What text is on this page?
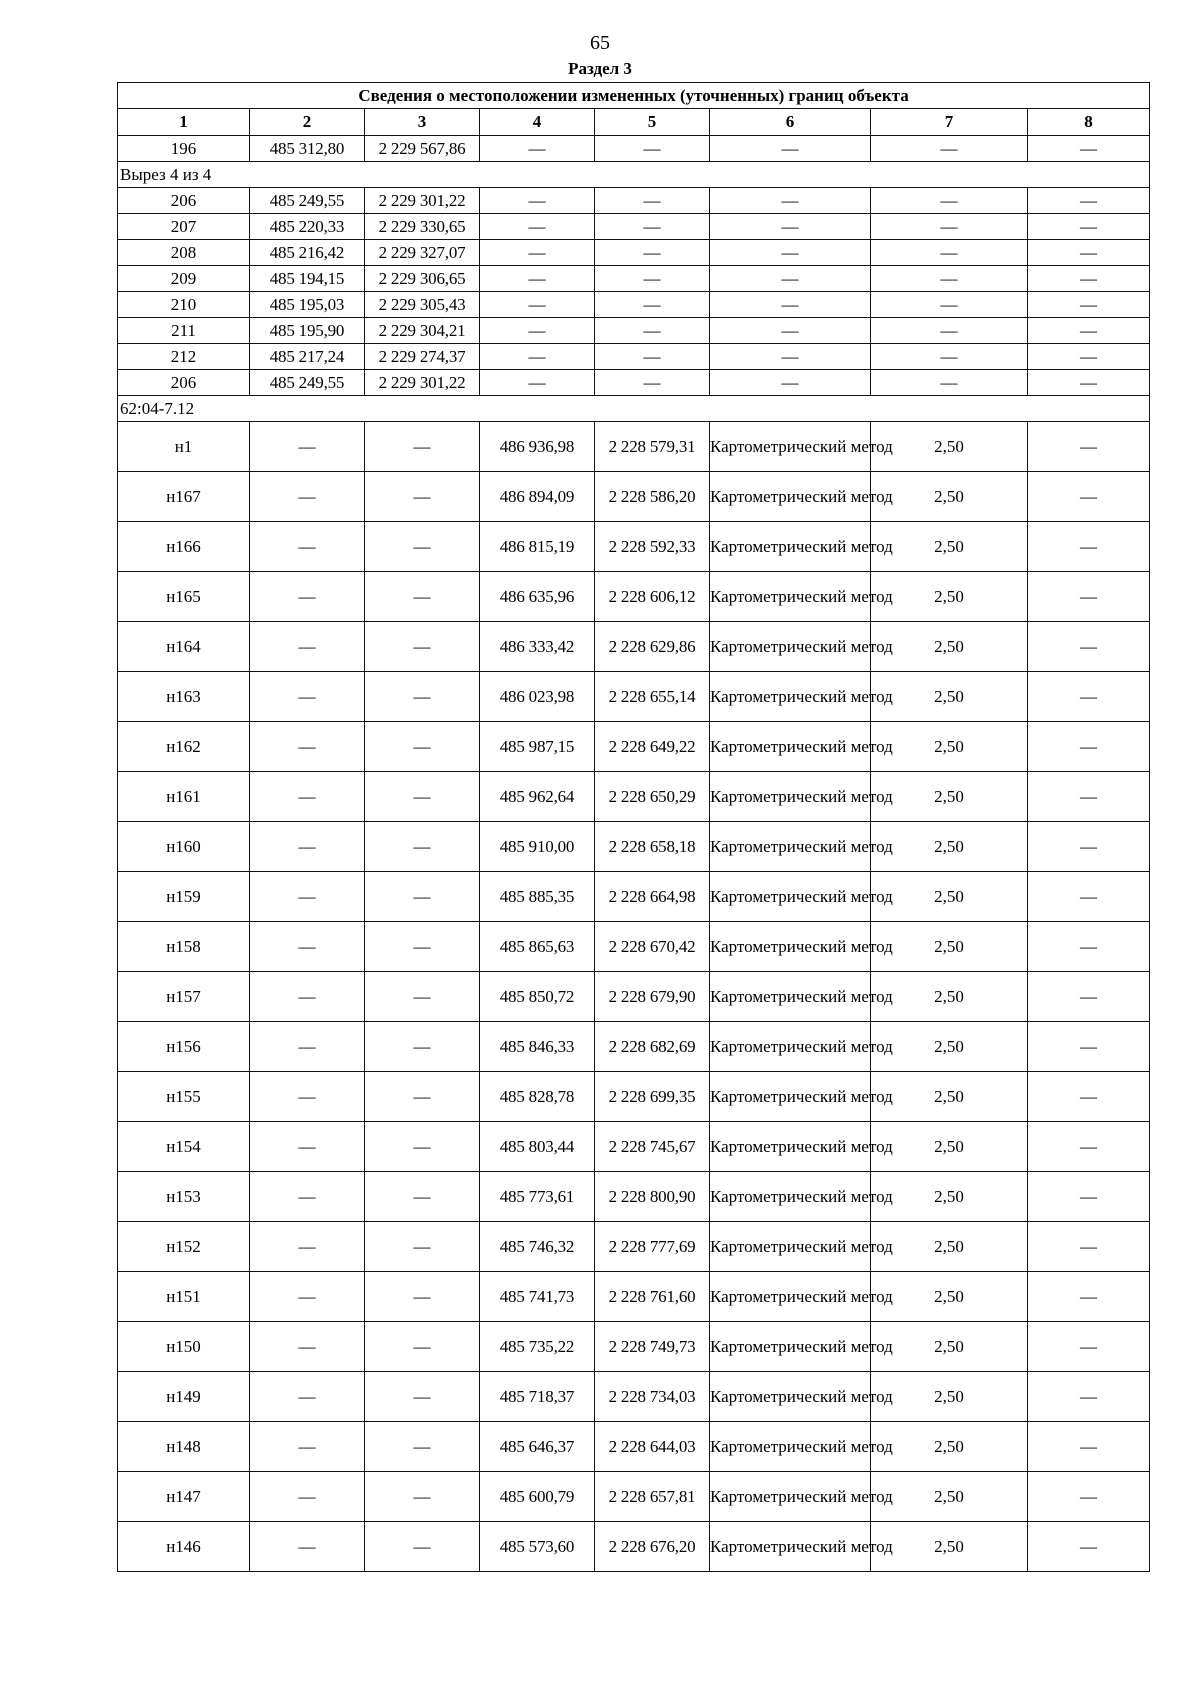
65
Раздел 3
Сведения о местоположении измененных (уточненных) границ объекта							
1	2	3	4	5	6	7	8
196	485 312,80	2 229 567,86	—	—	—	—	—
Вырез 4 из 4							
206	485 249,55	2 229 301,22	—	—	—	—	—
207	485 220,33	2 229 330,65	—	—	—	—	—
208	485 216,42	2 229 327,07	—	—	—	—	—
209	485 194,15	2 229 306,65	—	—	—	—	—
210	485 195,03	2 229 305,43	—	—	—	—	—
211	485 195,90	2 229 304,21	—	—	—	—	—
212	485 217,24	2 229 274,37	—	—	—	—	—
206	485 249,55	2 229 301,22	—	—	—	—	—
62:04-7.12							
н1	—	—	486 936,98	2 228 579,31	Картометрический метод	2,50	—
н167	—	—	486 894,09	2 228 586,20	Картометрический метод	2,50	—
н166	—	—	486 815,19	2 228 592,33	Картометрический метод	2,50	—
н165	—	—	486 635,96	2 228 606,12	Картометрический метод	2,50	—
н164	—	—	486 333,42	2 228 629,86	Картометрический метод	2,50	—
н163	—	—	486 023,98	2 228 655,14	Картометрический метод	2,50	—
н162	—	—	485 987,15	2 228 649,22	Картометрический метод	2,50	—
н161	—	—	485 962,64	2 228 650,29	Картометрический метод	2,50	—
н160	—	—	485 910,00	2 228 658,18	Картометрический метод	2,50	—
н159	—	—	485 885,35	2 228 664,98	Картометрический метод	2,50	—
н158	—	—	485 865,63	2 228 670,42	Картометрический метод	2,50	—
н157	—	—	485 850,72	2 228 679,90	Картометрический метод	2,50	—
н156	—	—	485 846,33	2 228 682,69	Картометрический метод	2,50	—
н155	—	—	485 828,78	2 228 699,35	Картометрический метод	2,50	—
н154	—	—	485 803,44	2 228 745,67	Картометрический метод	2,50	—
н153	—	—	485 773,61	2 228 800,90	Картометрический метод	2,50	—
н152	—	—	485 746,32	2 228 777,69	Картометрический метод	2,50	—
н151	—	—	485 741,73	2 228 761,60	Картометрический метод	2,50	—
н150	—	—	485 735,22	2 228 749,73	Картометрический метод	2,50	—
н149	—	—	485 718,37	2 228 734,03	Картометрический метод	2,50	—
н148	—	—	485 646,37	2 228 644,03	Картометрический метод	2,50	—
н147	—	—	485 600,79	2 228 657,81	Картометрический метод	2,50	—
н146	—	—	485 573,60	2 228 676,20	Картометрический метод	2,50	—
